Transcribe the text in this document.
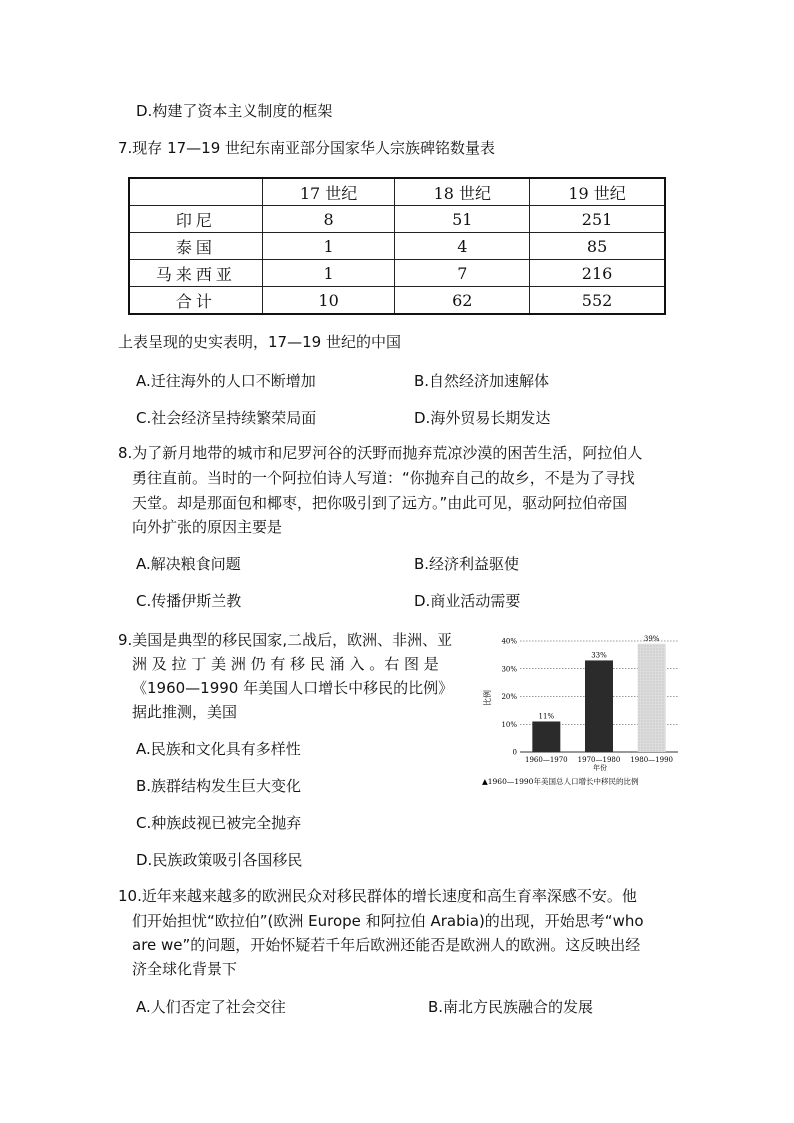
D.构建了资本主义制度的框架
7.现存 17—19 世纪东南亚部分国家华人宗族碑铭数量表
	17 世纪	18 世纪	19 世纪
印尼	8	51	251
泰国	1	4	85
马来西亚	1	7	216
合计	10	62	552
上表呈现的史实表明，17—19 世纪的中国
A.迁往海外的人口不断增加	B.自然经济加速解体
C.社会经济呈持续繁荣局面	D.海外贸易长期发达
8.为了新月地带的城市和尼罗河谷的沃野而抛弃荒凉沙漠的困苦生活，阿拉伯人
勇往直前。当时的一个阿拉伯诗人写道：“你抛弃自己的故乡，不是为了寻找
天堂。却是那面包和椰枣，把你吸引到了远方。”由此可见，驱动阿拉伯帝国
向外扩张的原因主要是
A.解决粮食问题	B.经济利益驱使
C.传播伊斯兰教	D.商业活动需要
9.美国是典型的移民国家,二战后，欧洲、非洲、亚
洲 及 拉 丁 美 洲 仍 有 移 民 涌 入 。右 图 是
《1960—1990 年美国人口增长中移民的比例》
据此推测，美国
A.民族和文化具有多样性
B.族群结构发生巨大变化
C.种族歧视已被完全抛弃
D.民族政策吸引各国移民
0
10%
20%
30%
40%
11%
1960—1970
33%
1970—1980
39%
1980—1990
比例
年份
▲1960—1990年美国总人口增长中移民的比例
10.近年来越来越多的欧洲民众对移民群体的增长速度和高生育率深感不安。他
们开始担忧“欧拉伯”(欧洲 Europe 和阿拉伯 Arabia)的出现，开始思考“who
are we”的问题，开始怀疑若千年后欧洲还能否是欧洲人的欧洲。这反映出经
济全球化背景下
A.人们否定了社会交往	B.南北方民族融合的发展
